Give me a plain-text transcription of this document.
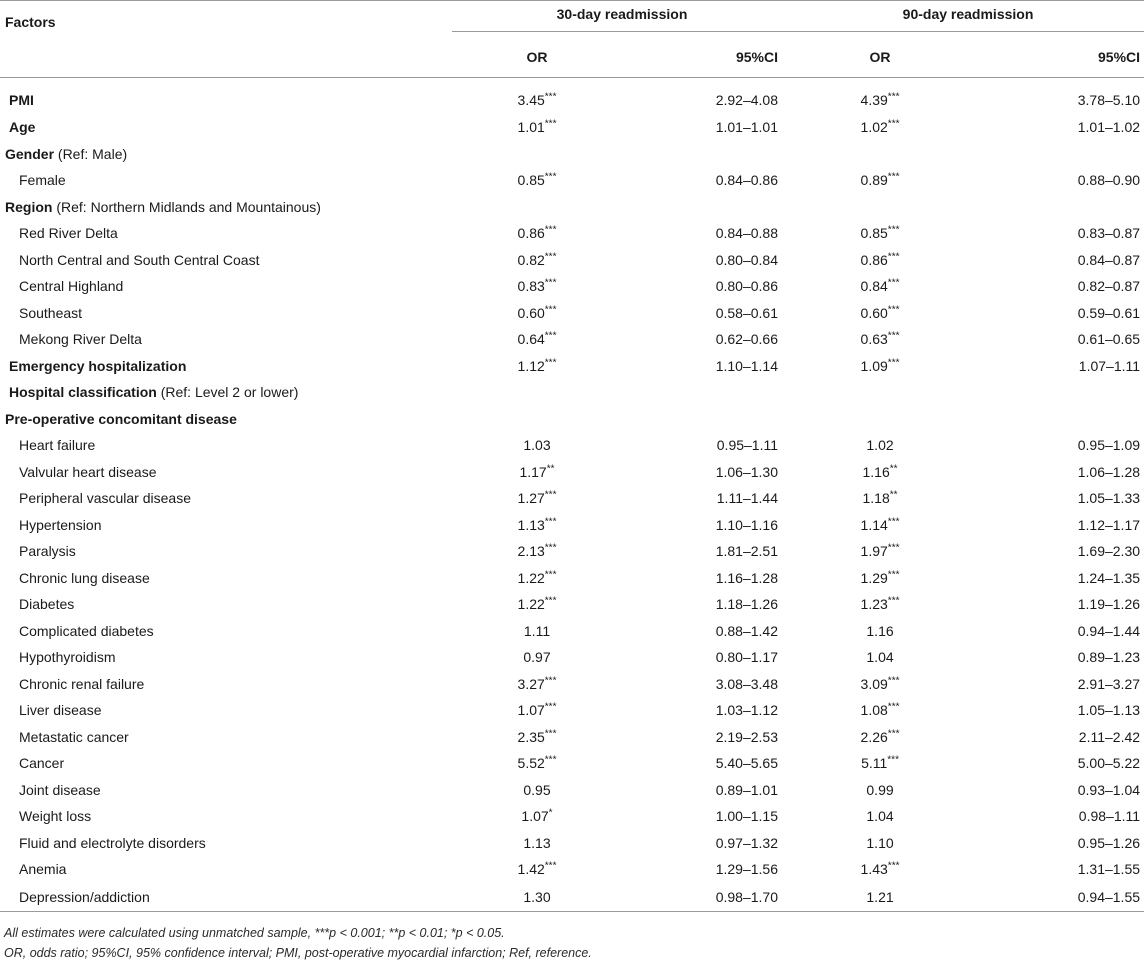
Factors	30-day readmission		90-day readmission	

	OR	95%CI	OR	95%CI
PMI	3.45***	2.92–4.08	4.39***	3.78–5.10
Age	1.01***	1.01–1.01	1.02***	1.01–1.02
Gender (Ref: Male)				
Female	0.85***	0.84–0.86	0.89***	0.88–0.90
Region (Ref: Northern Midlands and Mountainous)				
Red River Delta	0.86***	0.84–0.88	0.85***	0.83–0.87
North Central and South Central Coast	0.82***	0.80–0.84	0.86***	0.84–0.87
Central Highland	0.83***	0.80–0.86	0.84***	0.82–0.87
Southeast	0.60***	0.58–0.61	0.60***	0.59–0.61
Mekong River Delta	0.64***	0.62–0.66	0.63***	0.61–0.65
Emergency hospitalization	1.12***	1.10–1.14	1.09***	1.07–1.11
Hospital classification (Ref: Level 2 or lower)				
Pre-operative concomitant disease				
Heart failure	1.03	0.95–1.11	1.02	0.95–1.09
Valvular heart disease	1.17**	1.06–1.30	1.16**	1.06–1.28
Peripheral vascular disease	1.27***	1.11–1.44	1.18**	1.05–1.33
Hypertension	1.13***	1.10–1.16	1.14***	1.12–1.17
Paralysis	2.13***	1.81–2.51	1.97***	1.69–2.30
Chronic lung disease	1.22***	1.16–1.28	1.29***	1.24–1.35
Diabetes	1.22***	1.18–1.26	1.23***	1.19–1.26
Complicated diabetes	1.11	0.88–1.42	1.16	0.94–1.44
Hypothyroidism	0.97	0.80–1.17	1.04	0.89–1.23
Chronic renal failure	3.27***	3.08–3.48	3.09***	2.91–3.27
Liver disease	1.07***	1.03–1.12	1.08***	1.05–1.13
Metastatic cancer	2.35***	2.19–2.53	2.26***	2.11–2.42
Cancer	5.52***	5.40–5.65	5.11***	5.00–5.22
Joint disease	0.95	0.89–1.01	0.99	0.93–1.04
Weight loss	1.07*	1.00–1.15	1.04	0.98–1.11
Fluid and electrolyte disorders	1.13	0.97–1.32	1.10	0.95–1.26
Anemia	1.42***	1.29–1.56	1.43***	1.31–1.55
Depression/addiction	1.30	0.98–1.70	1.21	0.94–1.55
All estimates were calculated using unmatched sample, ***p < 0.001; **p < 0.01; *p < 0.05.
OR, odds ratio; 95%CI, 95% confidence interval; PMI, post-operative myocardial infarction; Ref, reference.
